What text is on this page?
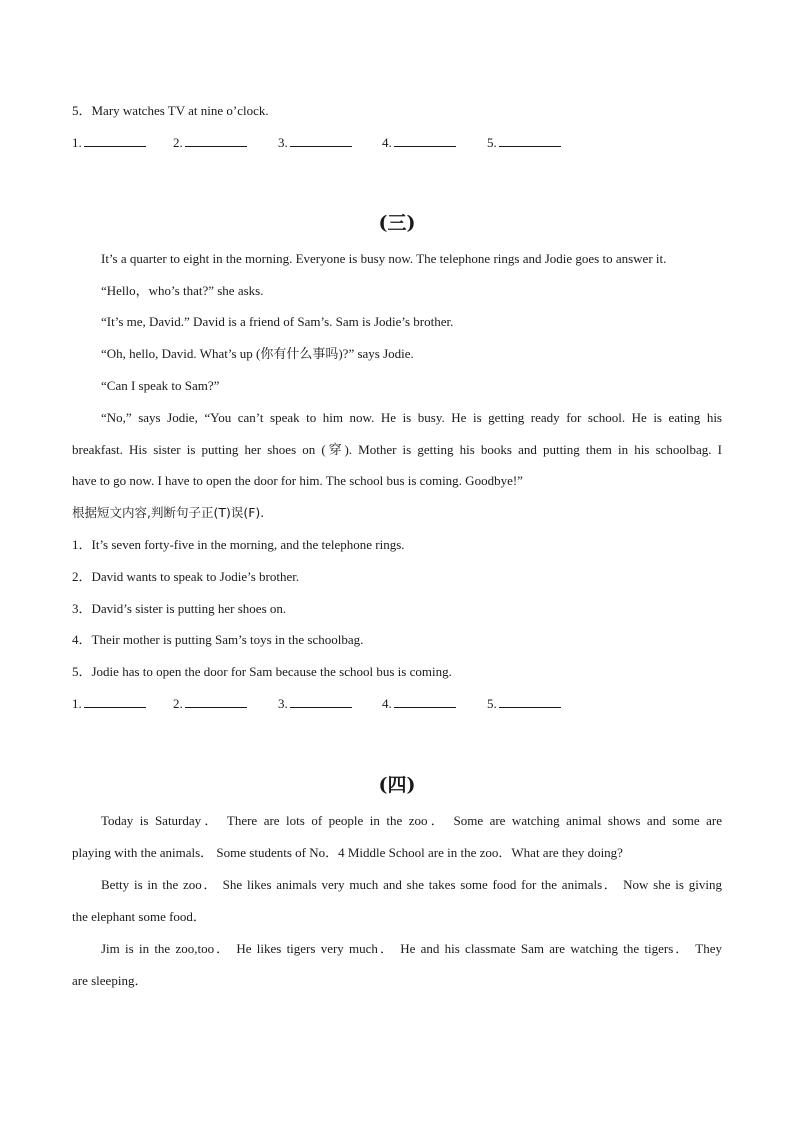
5．Mary watches TV at nine o’clock.
1.	2.	3.	4.	5.
(三)
It’s a quarter to eight in the morning. Everyone is busy now. The telephone rings and Jodie goes to answer it.
“Hello，who’s that?” she asks.
“It’s me, David.” David is a friend of Sam’s. Sam is Jodie’s brother.
“Oh, hello, David. What’s up (你有什么事吗)?” says Jodie.
“Can I speak to Sam?”
“No,” says Jodie, “You can’t speak to him now. He is busy. He is getting ready for school. He is eating his
breakfast. His sister is putting her shoes on (穿). Mother is getting his books and putting them in his schoolbag. I
have to go now. I have to open the door for him. The school bus is coming. Goodbye!”
根据短文内容,判断句子正(T)误(F).
1．It’s seven forty-five in the morning, and the telephone rings.
2．David wants to speak to Jodie’s brother.
3．David’s sister is putting her shoes on.
4．Their mother is putting Sam’s toys in the schoolbag.
5．Jodie has to open the door for Sam because the school bus is coming.
1.	2.	3.	4.	5.
(四)
Today is Saturday． There are lots of people in the zoo． Some are watching animal shows and some are
playing with the animals． Some students of No．4 Middle School are in the zoo．What are they doing?
Betty is in the zoo． She likes animals very much and she takes some food for the animals． Now she is giving
the elephant some food．
Jim is in the zoo,too． He likes tigers very much． He and his classmate Sam are watching the tigers． They
are sleeping．
